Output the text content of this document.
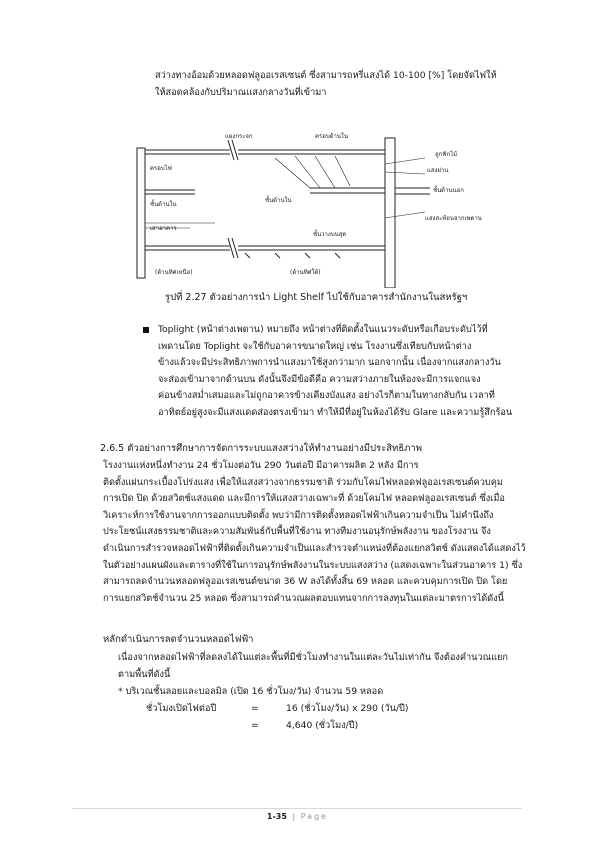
สว่างทางอ้อมด้วยหลอดฟลูออเรสเซนต์ ซึ่งสามารถหรี่แสงได้ 10-100 [%] โดยจัดไฟให้
ให้สอดคล้องกับปริมาณแสงกลางวันที่เข้ามา
แผงกระจก	ครอบด้านใน
ลูกฟักไม้
ครอบไฟ
ชั้นด้านใน
ชั้นด้านใน
ชั้นด้านนอก
แสงสะท้อนจากเพดาน
ชั้นวางบนสุด
เสาอาคาร
แสงผ่าน
(ด้านทิศเหนือ)	(ด้านทิศใต้)
รูปที่ 2.27 ตัวอย่างการนำ Light Shelf ไปใช้กับอาคารสำนักงานในสหรัฐฯ
Toplight (หน้าต่างเพดาน) หมายถึง หน้าต่างที่ติดตั้งในแนวระดับหรือเกือบระดับไว้ที่
เพดานโดย Toplight จะใช้กับอาคารขนาดใหญ่ เช่น โรงงานซึ่งเทียบกับหน้าต่าง
ข้างแล้วจะมีประสิทธิภาพการนำแสงมาใช้สูงกว่ามาก นอกจากนั้น เนื่องจากแสงกลางวัน
จะส่องเข้ามาจากด้านบน ดังนั้นจึงมีข้อดีคือ ความสว่างภายในห้องจะมีการแจกแจง
ค่อนข้างสม่ำเสมอและไม่ถูกอาคารข้างเคียงบังแสง อย่างไรก็ตามในทางกลับกัน เวลาที่
อาทิตย์อยู่สูงจะมีแสงแดดส่องตรงเข้ามา ทำให้มีที่อยู่ในห้องได้รับ Glare และความรู้สึกร้อน
2.6.5 ตัวอย่างการศึกษาการจัดการระบบแสงสว่างให้ทำงานอย่างมีประสิทธิภาพ
โรงงานแห่งหนึ่งทำงาน 24 ชั่วโมงต่อวัน 290 วันต่อปี มีอาคารผลิต 2 หลัง มีการ
ติดตั้งแผ่นกระเบื้องโปร่งแสง เพื่อให้แสงสว่างจากธรรมชาติ ร่วมกับโคมไฟหลอดฟลูออเรสเซนต์ควบคุม
การเปิด ปิด ด้วยสวิตช์แสงแดด และมีการให้แสงสว่างเฉพาะที่ ด้วยโคมไฟ หลอดฟลูออเรสเซนต์ ซึ่งเมื่อ
วิเคราะห์การใช้งานจากการออกแบบติดตั้ง พบว่ามีการติดตั้งหลอดไฟฟ้าเกินความจำเป็น ไม่คำนึงถึง
ประโยชน์แสงธรรมชาติและความสัมพันธ์กับพื้นที่ใช้งาน ทางทีมงานอนุรักษ์พลังงาน ของโรงงาน จึง
ดำเนินการสำรวจหลอดไฟฟ้าที่ติดตั้งเกินความจำเป็นและสำรวจตำแหน่งที่ต้องแยกสวิตช์ ดังแสดงได้แสดงไว้
ในตัวอย่างแผนผังและตารางที่ใช้ในการอนุรักษ์พลังงานในระบบแสงสว่าง (แสดงเฉพาะในส่วนอาคาร 1) ซึ่ง
สามารถลดจำนวนหลอดฟลูออเรสเซนต์ขนาด 36 W ลงได้ทั้งสิ้น 69 หลอด และควบคุมการเปิด ปิด โดย
การแยกสวิตช์จำนวน 25 หลอด ซึ่งสามารถคำนวณผลตอบแทนจากการลงทุนในแต่ละมาตรการได้ดังนี้
หลักดำเนินการลดจำนวนหลอดไฟฟ้า
เนื่องจากหลอดไฟฟ้าที่ลดลงได้ในแต่ละพื้นที่มีชั่วโมงทำงานในแต่ละวันไม่เท่ากัน จึงต้องคำนวณแยก
ตามพื้นที่ดังนี้
* บริเวณชั้นลอยและบอลมิล (เปิด 16 ชั่วโมง/วัน) จำนวน 59 หลอด
ชั่วโมงเปิดไฟต่อปี	=	16 (ชั่วโมง/วัน) x 290 (วัน/ปี)
=	4,640 (ชั่วโมง/ปี)
1-35 | Page
